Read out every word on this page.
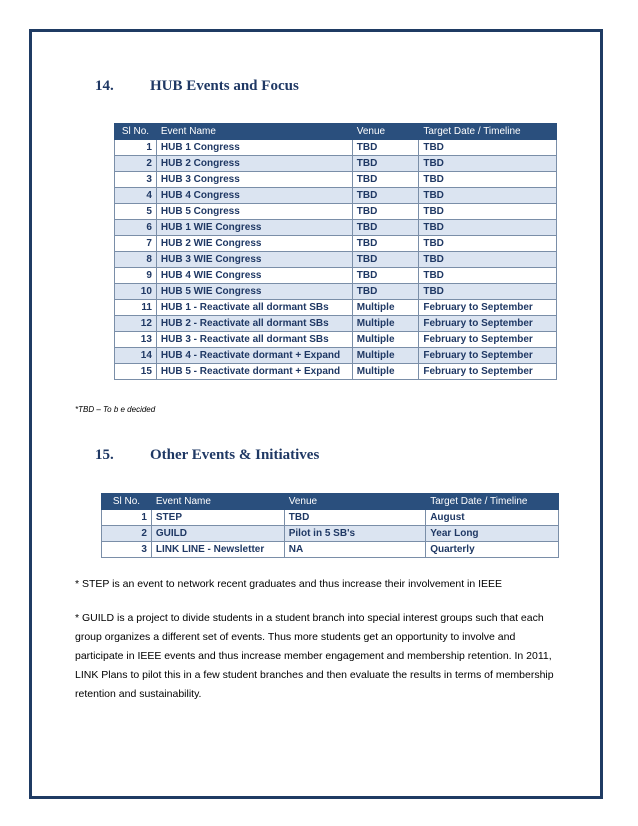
14. HUB Events and Focus
Sl No.	Event Name	Venue	Target Date / Timeline
1	HUB 1 Congress	TBD	TBD
2	HUB 2 Congress	TBD	TBD
3	HUB 3 Congress	TBD	TBD
4	HUB 4 Congress	TBD	TBD
5	HUB 5 Congress	TBD	TBD
6	HUB 1 WIE Congress	TBD	TBD
7	HUB 2 WIE Congress	TBD	TBD
8	HUB 3 WIE Congress	TBD	TBD
9	HUB 4 WIE Congress	TBD	TBD
10	HUB 5 WIE Congress	TBD	TBD
11	HUB 1 - Reactivate all dormant SBs	Multiple	February to September
12	HUB 2 - Reactivate all dormant SBs	Multiple	February to September
13	HUB 3 - Reactivate all dormant SBs	Multiple	February to September
14	HUB 4 - Reactivate dormant + Expand	Multiple	February to September
15	HUB 5 - Reactivate dormant + Expand	Multiple	February to September
*TBD – To b e decided
15. Other Events & Initiatives
Sl No.	Event Name	Venue	Target Date / Timeline
1	STEP	TBD	August
2	GUILD	Pilot in 5 SB's	Year Long
3	LINK LINE - Newsletter	NA	Quarterly
* STEP is an event to network recent graduates and thus increase their involvement in IEEE
* GUILD is a project to divide students in a student branch into special interest groups such that each group organizes a different set of events. Thus more students get an opportunity to involve and participate in IEEE events and thus increase member engagement and membership retention. In 2011, LINK Plans to pilot this in a few student branches and then evaluate the results in terms of membership retention and sustainability.
